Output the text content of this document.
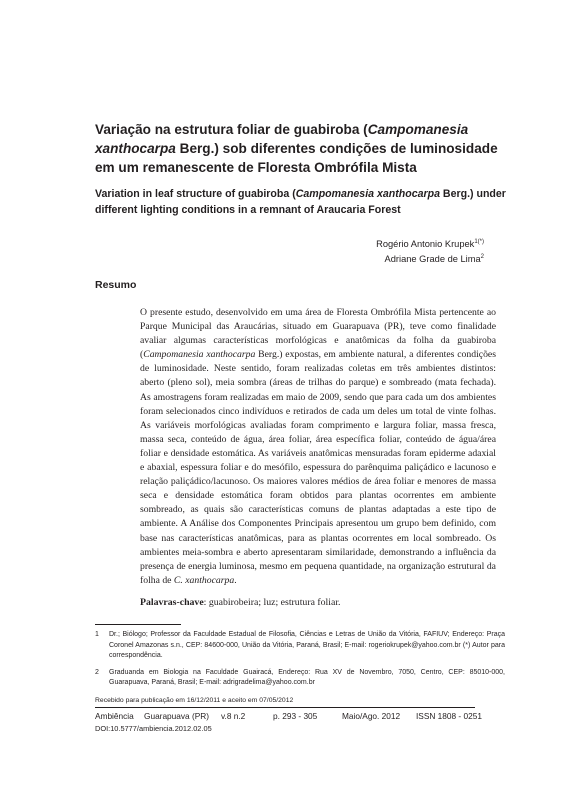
Variação na estrutura foliar de guabiroba (Campomanesia xanthocarpa Berg.) sob diferentes condições de luminosidade em um remanescente de Floresta Ombrófila Mista
Variation in leaf structure of guabiroba (Campomanesia xanthocarpa Berg.) under different lighting conditions in a remnant of Araucaria Forest
Rogério Antonio Krupek$^{1(*)}$
Adriane Grade de Lima$^2$
Resumo

O presente estudo, desenvolvido em uma área de Floresta Ombrófila Mista pertencente ao Parque Municipal das Araucárias, situado em Guarapuava (PR), teve como finalidade avaliar algumas características morfológicas e anatômicas da folha da guabiroba (Campomanesia xanthocarpa Berg.) expostas, em ambiente natural, a diferentes condições de luminosidade. Neste sentido, foram realizadas coletas em três ambientes distintos: aberto (pleno sol), meia sombra (áreas de trilhas do parque) e sombreado (mata fechada). As amostragens foram realizadas em maio de 2009, sendo que para cada um dos ambientes foram selecionados cinco indivíduos e retirados de cada um deles um total de vinte folhas. As variáveis morfológicas avaliadas foram comprimento e largura foliar, massa fresca, massa seca, conteúdo de água, área foliar, área específica foliar, conteúdo de água/área foliar e densidade estomática. As variáveis anatômicas mensuradas foram epiderme adaxial e abaxial, espessura foliar e do mesófilo, espessura do parênquima paliçádico e lacunoso e relação paliçádico/lacunoso. Os maiores valores médios de área foliar e menores de massa seca e densidade estomática foram obtidos para plantas ocorrentes em ambiente sombreado, as quais são características comuns de plantas adaptadas a este tipo de ambiente. A Análise dos Componentes Principais apresentou um grupo bem definido, com base nas características anatômicas, para as plantas ocorrentes em local sombreado. Os ambientes meia-sombra e aberto apresentaram similaridade, demonstrando a influência da presença de energia luminosa, mesmo em pequena quantidade, na organização estrutural da folha de C. xanthocarpa.

Palavras-chave: guabirobeira; luz; estrutura foliar.
1	Dr.; Biólogo; Professor da Faculdade Estadual de Filosofia, Ciências e Letras de União da Vitória, FAFIUV; Endereço: Praça Coronel Amazonas s.n., CEP: 84600-000, União da Vitória, Paraná, Brasil; E-mail: rogeriokrupek@yahoo.com.br (*) Autor para correspondência.
2	Graduanda em Biologia na Faculdade Guairacá, Endereço: Rua XV de Novembro, 7050, Centro, CEP: 85010-000, Guarapuava, Paraná, Brasil; E-mail: adrigradelima@yahoo.com.br
Recebido para publicação em 16/12/2011 e aceito em 07/05/2012
Ambiência Guarapuava (PR) v.8 n.2	p. 293 - 305	Maio/Ago. 2012 ISSN 1808 - 0251
DOI:10.5777/ambiencia.2012.02.05
